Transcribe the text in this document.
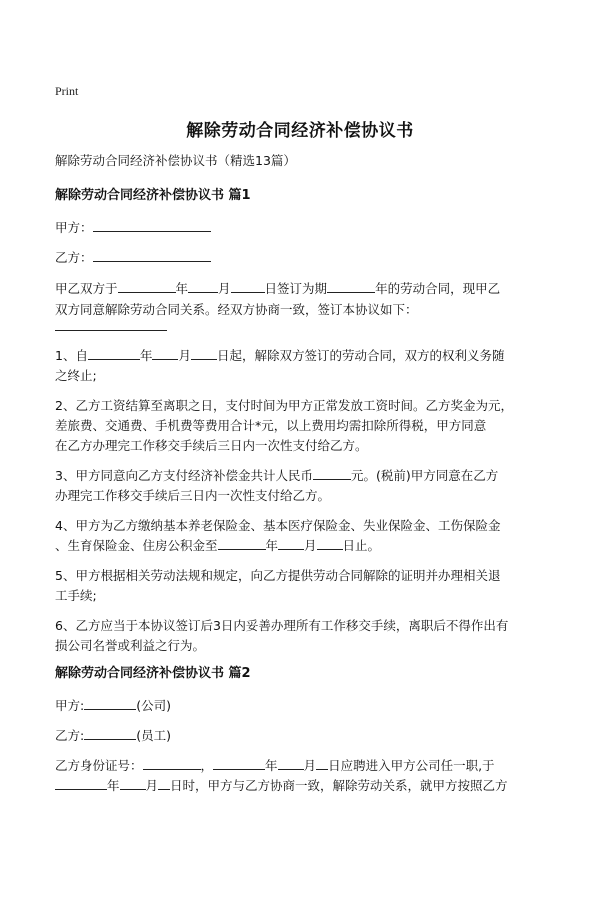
Print
解除劳动合同经济补偿协议书
解除劳动合同经济补偿协议书（精选13篇）
解除劳动合同经济补偿协议书 篇1
甲方：
乙方：
甲乙双方于	年 月	日签订为期	年的劳动合同，现甲乙
双方同意解除劳动合同关系。经双方协商一致，签订本协议如下：
1、自	年 月 日起，解除双方签订的劳动合同，双方的权利义务随
之终止;
2、乙方工资结算至离职之日，支付时间为甲方正常发放工资时间。乙方奖金为元，
差旅费、交通费、手机费等费用合计*元，以上费用均需扣除所得税，甲方同意
在乙方办理完工作移交手续后三日内一次性支付给乙方。
3、甲方同意向乙方支付经济补偿金共计人民币	元。(税前)甲方同意在乙方
办理完工作移交手续后三日内一次性支付给乙方。
4、甲方为乙方缴纳基本养老保险金、基本医疗保险金、失业保险金、工伤保险金
、生育保险金、住房公积金至	年 月 日止。
5、甲方根据相关劳动法规和规定，向乙方提供劳动合同解除的证明并办理相关退
工手续;
6、乙方应当于本协议签订后3日内妥善办理所有工作移交手续，离职后不得作出有
损公司名誉或利益之行为。
解除劳动合同经济补偿协议书 篇2
甲方:	(公司)
乙方:	(员工)
乙方身份证号：	，	年 月 日应聘进入甲方公司任一职,于
年 月 日时，甲方与乙方协商一致，解除劳动关系，就甲方按照乙方
